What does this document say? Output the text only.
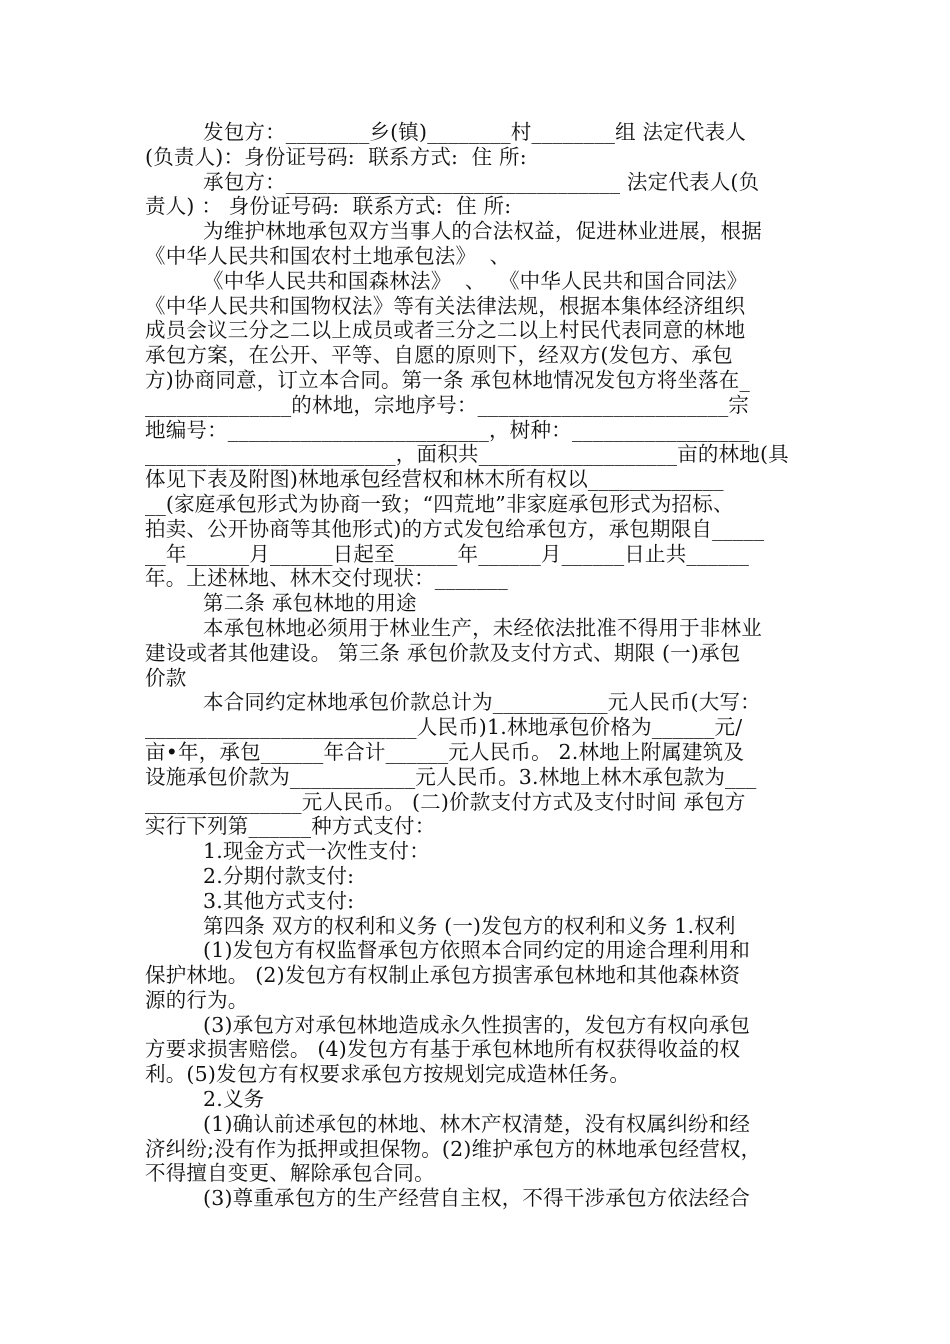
发包方：________乡(镇)________村________组 法定代表人
(负责人)：身份证号码:  联系方式:  住 所:
承包方：________________________________ 法定代表人(负
责人) ： 身份证号码:  联系方式:  住 所:
为维护林地承包双方当事人的合法权益，促进林业进展，根据
《中华人民共和国农村土地承包法》  、
《中华人民共和国森林法》  、  《中华人民共和国合同法》
《中华人民共和国物权法》等有关法律法规，根据本集体经济组织
成员会议三分之二以上成员或者三分之二以上村民代表同意的林地
承包方案，在公开、平等、自愿的原则下，经双方(发包方、承包
方)协商同意，订立本合同。第一条 承包林地情况发包方将坐落在_
______________的林地，宗地序号：________________________宗
地编号：_________________________，树种：_________________
________________________，面积共___________________亩的林地(具
体见下表及附图)林地承包经营权和林木所有权以_____________
__(家庭承包形式为协商一致；“四荒地”非家庭承包形式为招标、
拍卖、公开协商等其他形式)的方式发包给承包方，承包期限自_____
__年______月______日起至______年______月______日止共______
年。上述林地、林木交付现状：_______
第二条 承包林地的用途
本承包林地必须用于林业生产，未经依法批准不得用于非林业
建设或者其他建设。 第三条 承包价款及支付方式、期限 (一)承包
价款
本合同约定林地承包价款总计为___________元人民币(大写：
__________________________人民币)1.林地承包价格为______元/
亩•年，承包______年合计______元人民币。 2.林地上附属建筑及
设施承包价款为____________元人民币。3.林地上林木承包款为___
_______________元人民币。 (二)价款支付方式及支付时间 承包方
实行下列第______种方式支付：
1.现金方式一次性支付：
2.分期付款支付:
3.其他方式支付:
第四条 双方的权利和义务 (一)发包方的权利和义务 1.权利
(1)发包方有权监督承包方依照本合同约定的用途合理利用和
保护林地。 (2)发包方有权制止承包方损害承包林地和其他森林资
源的行为。
(3)承包方对承包林地造成永久性损害的，发包方有权向承包
方要求损害赔偿。 (4)发包方有基于承包林地所有权获得收益的权
利。(5)发包方有权要求承包方按规划完成造林任务。
2.义务
(1)确认前述承包的林地、林木产权清楚，没有权属纠纷和经
济纠纷;没有作为抵押或担保物。(2)维护承包方的林地承包经营权，
不得擅自变更、解除承包合同。
(3)尊重承包方的生产经营自主权，不得干涉承包方依法经合
